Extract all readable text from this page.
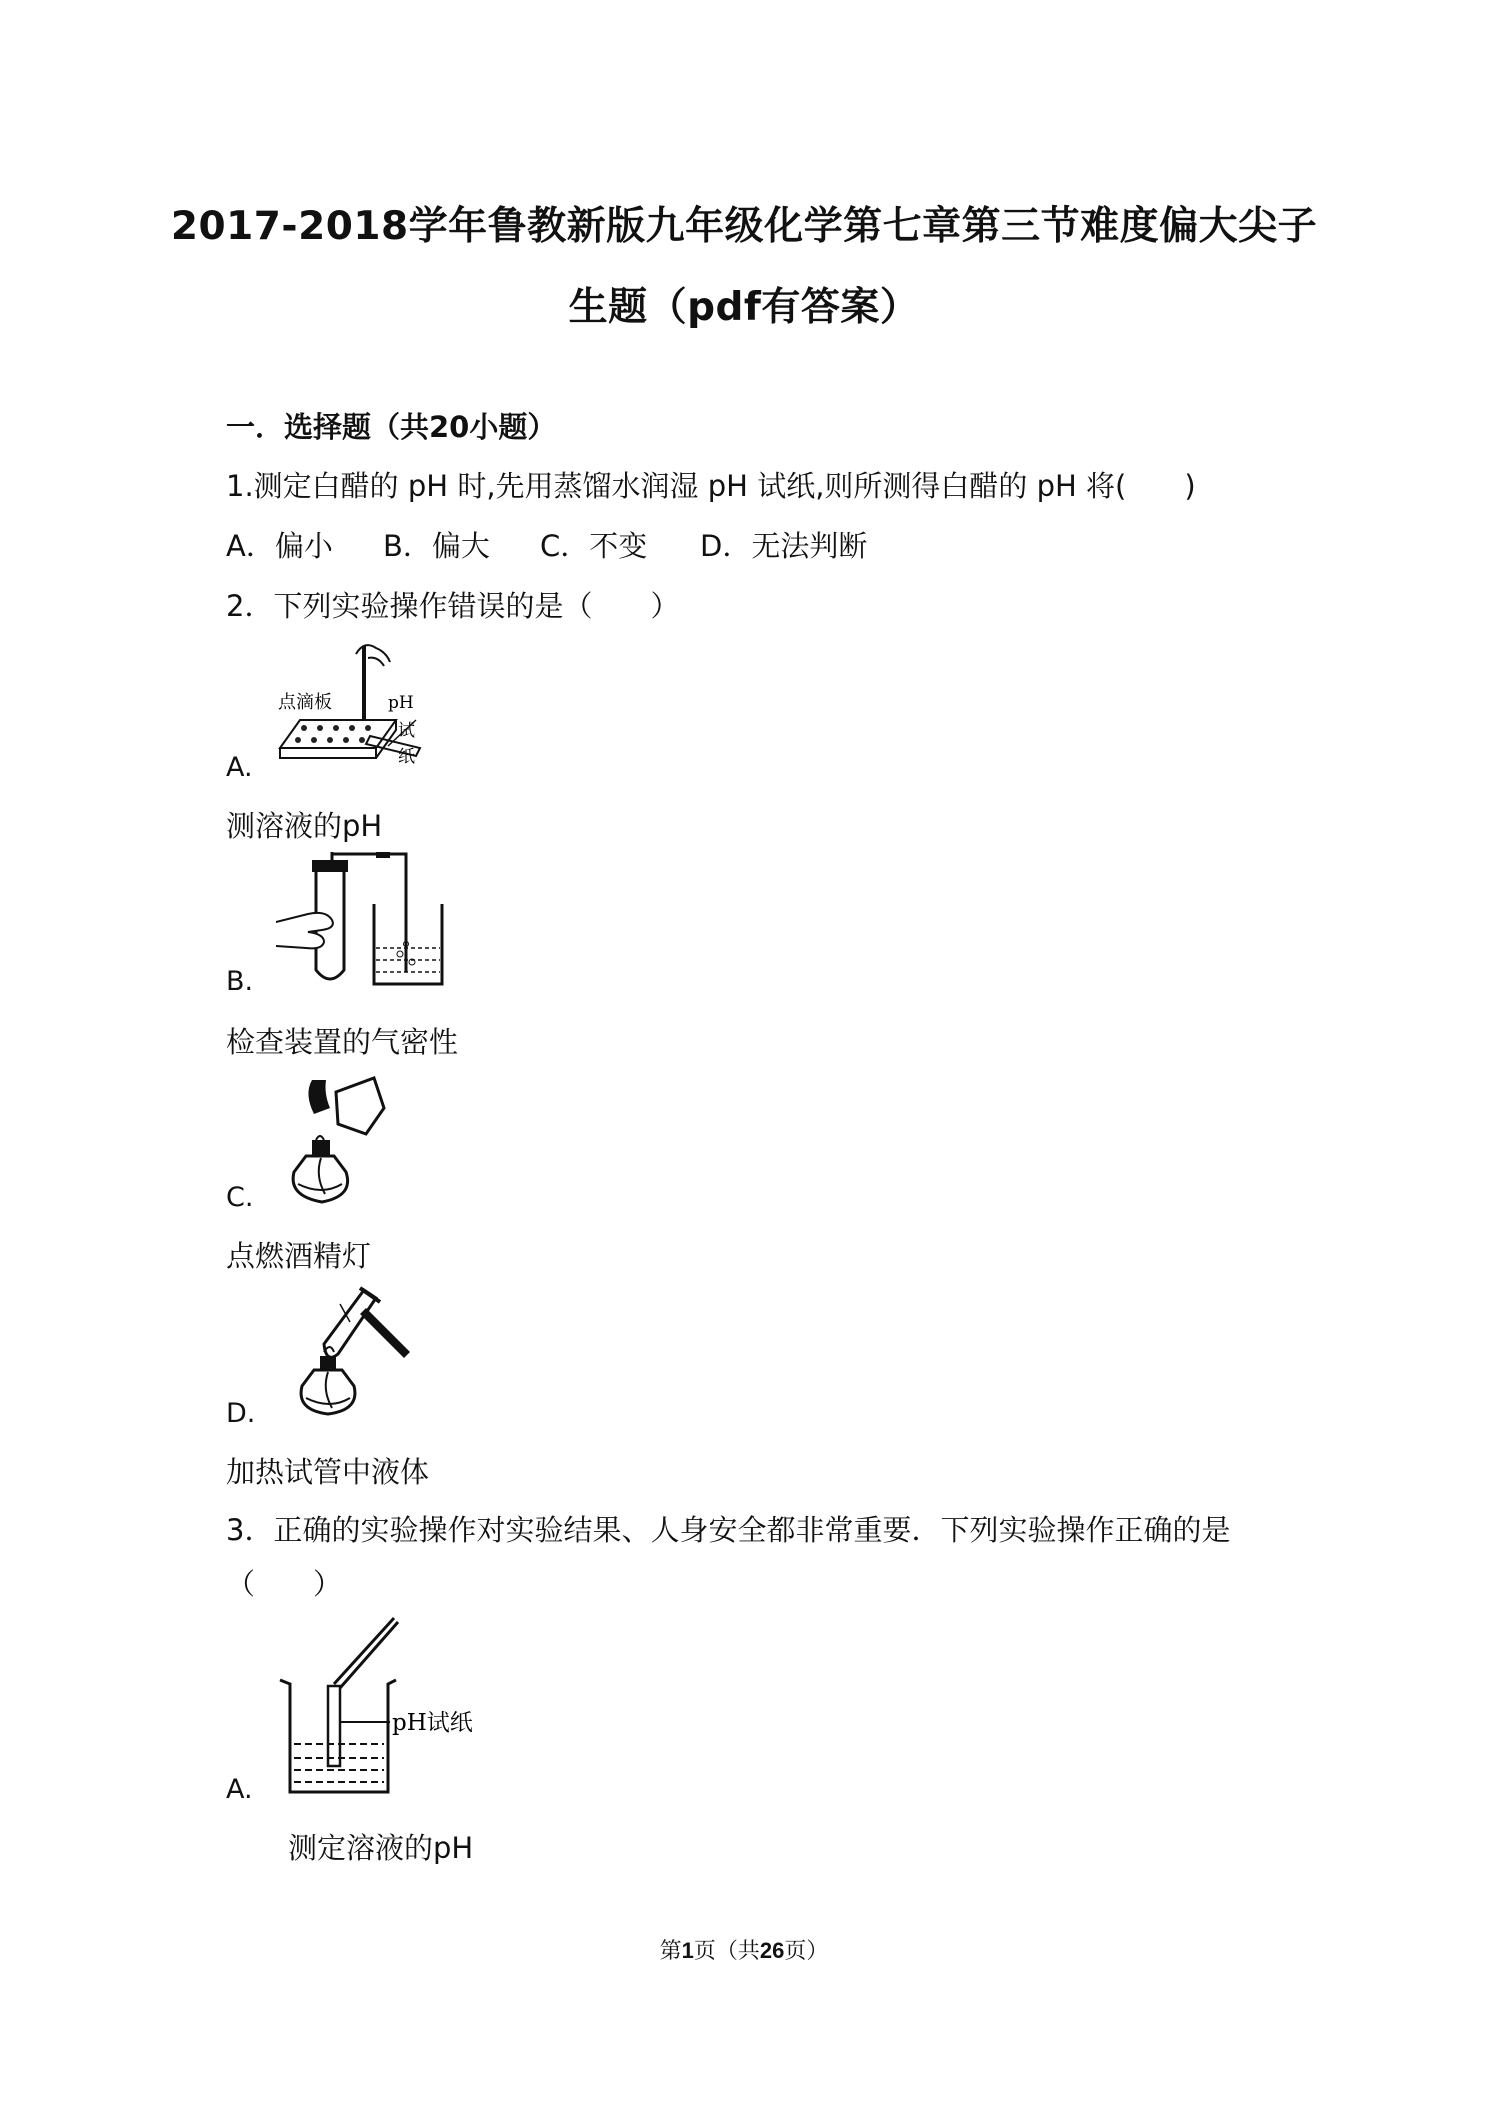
2017-2018学年鲁教新版九年级化学第七章第三节难度偏大尖子
生题（pdf有答案）
一．选择题（共20小题）
1.测定白醋的 pH 时,先用蒸馏水润湿 pH 试纸,则所测得白醋的 pH 将(　　)
A．偏小 B．偏大 C．不变 D．无法判断
2．下列实验操作错误的是（　　）
点滴板	pH
试
纸
A.
测溶液的pH
B.
检查装置的气密性
C.
点燃酒精灯
D.
加热试管中液体
3．正确的实验操作对实验结果、人身安全都非常重要．下列实验操作正确的是
（　　）
pH试纸
A.
测定溶液的pH
第1页（共26页）
